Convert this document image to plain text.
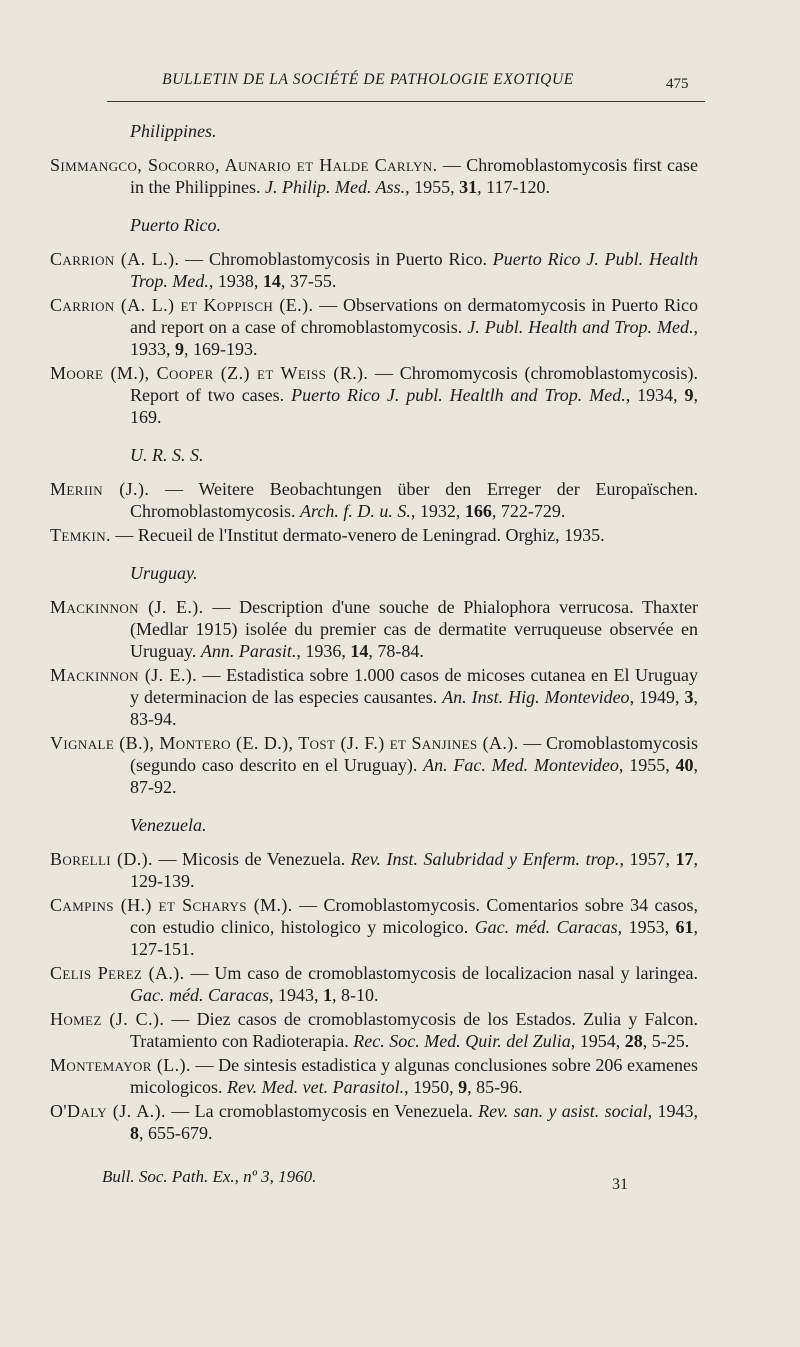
BULLETIN DE LA SOCIÉTÉ DE PATHOLOGIE EXOTIQUE	475
Philippines.

Simmangco, Socorro, Aunario et Halde Carlyn. — Chromoblastomycosis first case in the Philippines. J. Philip. Med. Ass., 1955, 31, 117-120.

Puerto Rico.

Carrion (A. L.). — Chromoblastomycosis in Puerto Rico. Puerto Rico J. Publ. Health Trop. Med., 1938, 14, 37-55.

Carrion (A. L.) et Koppisch (E.). — Observations on dermatomycosis in Puerto Rico and report on a case of chromoblastomycosis. J. Publ. Health and Trop. Med., 1933, 9, 169-193.

Moore (M.), Cooper (Z.) et Weiss (R.). — Chromomycosis (chromoblastomycosis). Report of two cases. Puerto Rico J. publ. Healtlh and Trop. Med., 1934, 9, 169.

U. R. S. S.

Meriin (J.). — Weitere Beobachtungen über den Erreger der Europaïschen. Chromoblastomycosis. Arch. f. D. u. S., 1932, 166, 722-729.

Temkin. — Recueil de l'Institut dermato-venero de Leningrad. Orghiz, 1935.

Uruguay.

Mackinnon (J. E.). — Description d'une souche de Phialophora verrucosa. Thaxter (Medlar 1915) isolée du premier cas de dermatite verruqueuse observée en Uruguay. Ann. Parasit., 1936, 14, 78-84.

Mackinnon (J. E.). — Estadistica sobre 1.000 casos de micoses cutanea en El Uruguay y determinacion de las especies causantes. An. Inst. Hig. Montevideo, 1949, 3, 83-94.

Vignale (B.), Montero (E. D.), Tost (J. F.) et Sanjines (A.). — Cromoblastomycosis (segundo caso descrito en el Uruguay). An. Fac. Med. Montevideo, 1955, 40, 87-92.

Venezuela.

Borelli (D.). — Micosis de Venezuela. Rev. Inst. Salubridad y Enferm. trop., 1957, 17, 129-139.

Campins (H.) et Scharys (M.). — Cromoblastomycosis. Comentarios sobre 34 casos, con estudio clinico, histologico y micologico. Gac. méd. Caracas, 1953, 61, 127-151.

Celis Perez (A.). — Um caso de cromoblastomycosis de localizacion nasal y laringea. Gac. méd. Caracas, 1943, 1, 8-10.

Homez (J. C.). — Diez casos de cromoblastomycosis de los Estados. Zulia y Falcon. Tratamiento con Radioterapia. Rec. Soc. Med. Quir. del Zulia, 1954, 28, 5-25.

Montemayor (L.). — De sintesis estadistica y algunas conclusiones sobre 206 examenes micologicos. Rev. Med. vet. Parasitol., 1950, 9, 85-96.

O'Daly (J. A.). — La cromoblastomycosis en Venezuela. Rev. san. y asist. social, 1943, 8, 655-679.

Bull. Soc. Path. Ex., nº 3, 1960.	31
